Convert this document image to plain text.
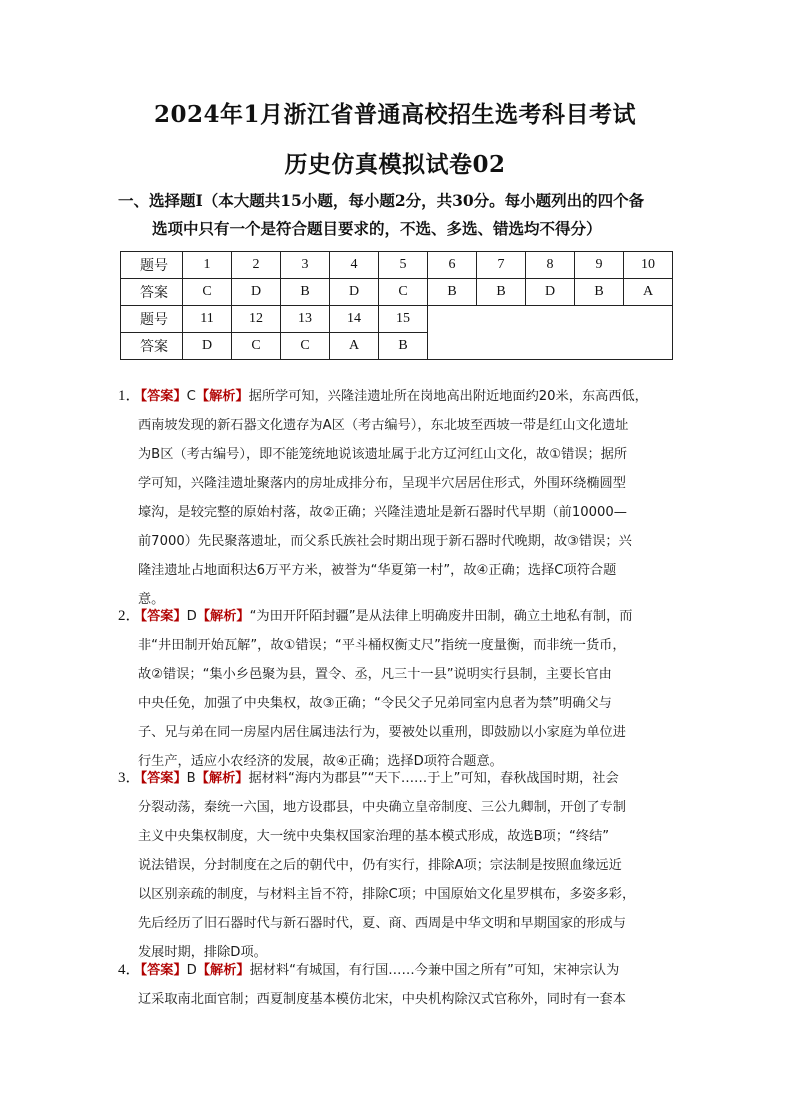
2024年1月浙江省普通高校招生选考科目考试
历史仿真模拟试卷02
一、选择题Ⅰ（本大题共15小题，每小题2分，共30分。每小题列出的四个备
选项中只有一个是符合题目要求的，不选、多选、错选均不得分）
题号	1	2	3	4	5	6	7	8	9	10
答案	C	D	B	D	C	B	B	D	B	A
题号	11	12	13	14	15					
答案	D	C	C	A	B					
1．【答案】C【解析】据所学可知，兴隆洼遗址所在岗地高出附近地面约20米，东高西低，
西南坡发现的新石器文化遗存为A区（考古编号），东北坡至西坡一带是红山文化遗址
为B区（考古编号），即不能笼统地说该遗址属于北方辽河红山文化，故①错误；据所
学可知，兴隆洼遗址聚落内的房址成排分布，呈现半穴居居住形式，外围环绕椭圆型
壕沟，是较完整的原始村落，故②正确；兴隆洼遗址是新石器时代早期（前10000—
前7000）先民聚落遗址，而父系氏族社会时期出现于新石器时代晚期，故③错误；兴
隆洼遗址占地面积达6万平方米，被誉为“华夏第一村”，故④正确；选择C项符合题
意。
2．【答案】D【解析】“为田开阡陌封疆”是从法律上明确废井田制，确立土地私有制，而
非“井田制开始瓦解”，故①错误；“平斗桶权衡丈尺”指统一度量衡，而非统一货币，
故②错误；“集小乡邑聚为县，置令、丞，凡三十一县”说明实行县制，主要长官由
中央任免，加强了中央集权，故③正确；“令民父子兄弟同室内息者为禁”明确父与
子、兄与弟在同一房屋内居住属违法行为，要被处以重刑，即鼓励以小家庭为单位进
行生产，适应小农经济的发展，故④正确；选择D项符合题意。
3．【答案】B【解析】据材料“海内为郡县”“天下……于上”可知，春秋战国时期，社会
分裂动荡，秦统一六国，地方设郡县，中央确立皇帝制度、三公九卿制，开创了专制
主义中央集权制度，大一统中央集权国家治理的基本模式形成，故选B项；“终结”
说法错误，分封制度在之后的朝代中，仍有实行，排除A项；宗法制是按照血缘远近
以区别亲疏的制度，与材料主旨不符，排除C项；中国原始文化星罗棋布，多姿多彩，
先后经历了旧石器时代与新石器时代，夏、商、西周是中华文明和早期国家的形成与
发展时期，排除D项。
4．【答案】D【解析】据材料“有城国，有行国……今兼中国之所有”可知，宋神宗认为
辽采取南北面官制；西夏制度基本模仿北宋，中央机构除汉式官称外，同时有一套本
